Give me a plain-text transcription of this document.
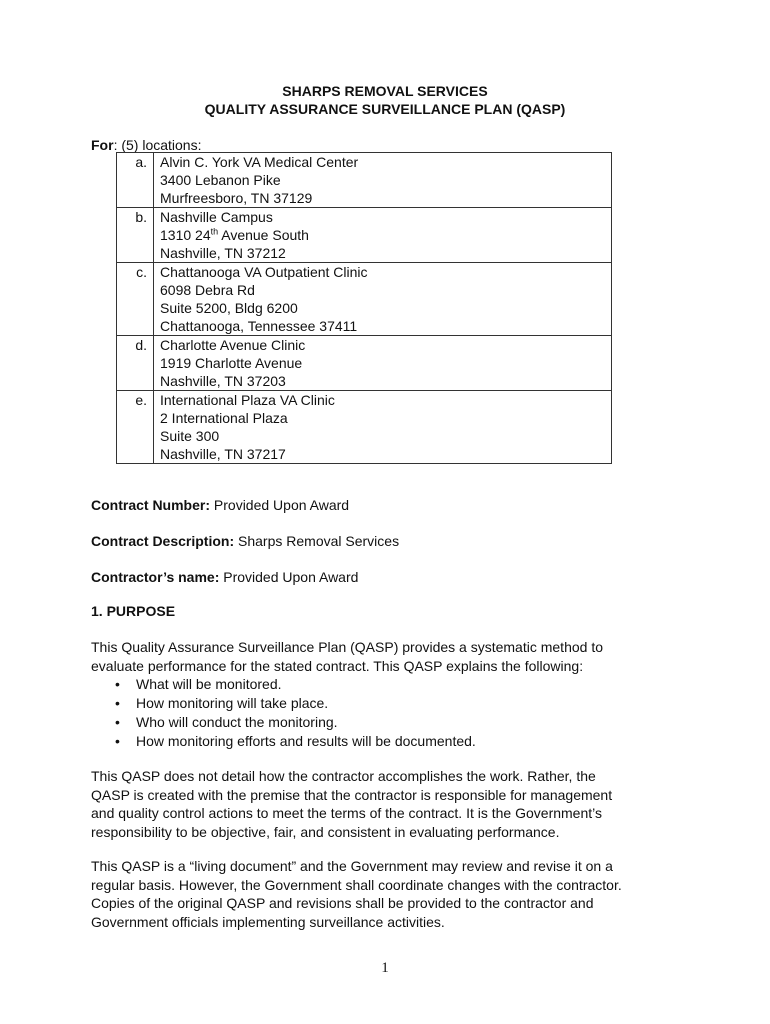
SHARPS REMOVAL SERVICES
QUALITY ASSURANCE SURVEILLANCE PLAN (QASP)
For: (5) locations:
a.	Alvin C. York VA Medical Center
3400 Lebanon Pike
Murfreesboro, TN 37129

b.	Nashville Campus
1310 24th Avenue South
Nashville, TN 37212

c.	Chattanooga VA Outpatient Clinic
6098 Debra Rd
Suite 5200, Bldg 6200
Chattanooga, Tennessee 37411

d.	Charlotte Avenue Clinic
1919 Charlotte Avenue
Nashville, TN 37203

e.	International Plaza VA Clinic
2 International Plaza
Suite 300
Nashville, TN 37217
Contract Number: Provided Upon Award
Contract Description: Sharps Removal Services
Contractor’s name: Provided Upon Award
1. PURPOSE
This Quality Assurance Surveillance Plan (QASP) provides a systematic method to
evaluate performance for the stated contract. This QASP explains the following:
• What will be monitored.
• How monitoring will take place.
• Who will conduct the monitoring.
• How monitoring efforts and results will be documented.
This QASP does not detail how the contractor accomplishes the work. Rather, the
QASP is created with the premise that the contractor is responsible for management
and quality control actions to meet the terms of the contract. It is the Government’s
responsibility to be objective, fair, and consistent in evaluating performance.
This QASP is a “living document” and the Government may review and revise it on a
regular basis. However, the Government shall coordinate changes with the contractor.
Copies of the original QASP and revisions shall be provided to the contractor and
Government officials implementing surveillance activities.
1
